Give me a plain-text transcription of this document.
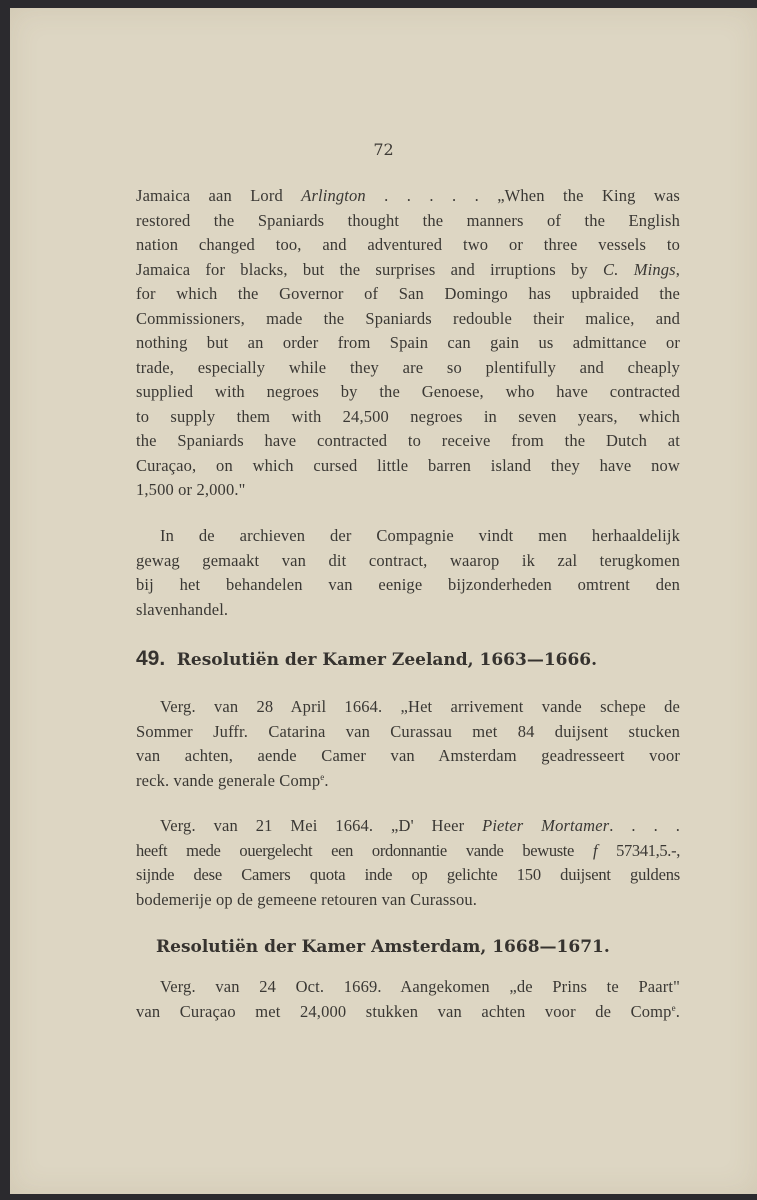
72
Jamaica aan Lord Arlington . . . . . „When the King was
restored the Spaniards thought the manners of the English
nation changed too, and adventured two or three vessels to
Jamaica for blacks, but the surprises and irruptions by C. Mings,
for which the Governor of San Domingo has upbraided the
Commissioners, made the Spaniards redouble their malice, and
nothing but an order from Spain can gain us admittance or
trade, especially while they are so plentifully and cheaply
supplied with negroes by the Genoese, who have contracted
to supply them with 24,500 negroes in seven years, which
the Spaniards have contracted to receive from the Dutch at
Curaçao, on which cursed little barren island they have now
1,500 or 2,000."
In de archieven der Compagnie vindt men herhaaldelijk
gewag gemaakt van dit contract, waarop ik zal terugkomen
bij het behandelen van eenige bijzonderheden omtrent den
slavenhandel.
49. Resolutiën der Kamer Zeeland, 1663—1666.
Verg. van 28 April 1664. „Het arrivement vande schepe de
Sommer Juffr. Catarina van Curassau met 84 duijsent stucken
van achten, aende Camer van Amsterdam geadresseert voor
reck. vande generale Comp$^e$.
Verg. van 21 Mei 1664. „D' Heer Pieter Mortamer. . . .
heeft mede ouergelecht een ordonnantie vande bewuste f 57341,5.-,
sijnde dese Camers quota inde op gelichte 150 duijsent guldens
bodemerije op de gemeene retouren van Curassou.
Resolutiën der Kamer Amsterdam, 1668—1671.
Verg. van 24 Oct. 1669. Aangekomen „de Prins te Paart"
van Curaçao met 24,000 stukken van achten voor de Comp$^e$.
